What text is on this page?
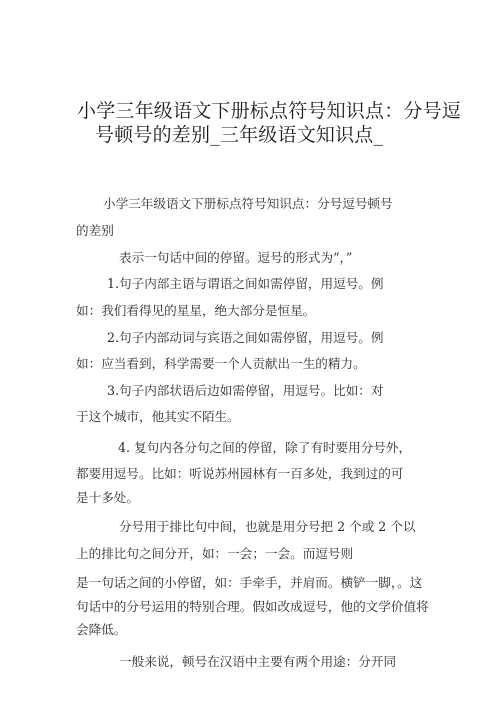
小学三年级语文下册标点符号知识点：分号逗
号顿号的差别_三年级语文知识点_
小学三年级语文下册标点符号知识点：分号逗号顿号
的差别
表示一句话中间的停留。逗号的形式为“，”
1.句子内部主语与谓语之间如需停留，用逗号。例
如：我们看得见的星星，绝大部分是恒星。
2.句子内部动词与宾语之间如需停留，用逗号。例
如：应当看到，科学需要一个人贡献出一生的精力。
3.句子内部状语后边如需停留，用逗号。比如：对
于这个城市，他其实不陌生。
4. 复句内各分句之间的停留，除了有时要用分号外，
都要用逗号。比如：听说苏州园林有一百多处，我到过的可
是十多处。
分号用于排比句中间，也就是用分号把 2 个或 2 个以
上的排比句之间分开，如：一会；一会。而逗号则
是一句话之间的小停留，如：手牵手，并肩而。横铲一脚，。这
句话中的分号运用的特别合理。假如改成逗号，他的文学价值将
会降低。
一般来说，顿号在汉语中主要有两个用途：分开同
